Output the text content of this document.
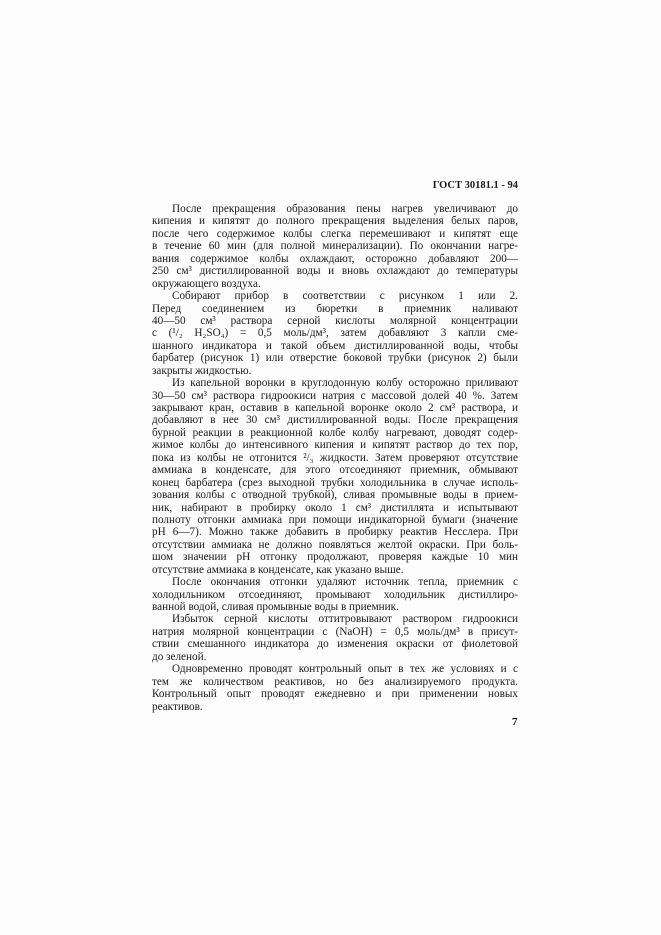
ГОСТ 30181.1 - 94
После прекращения образования пены нагрев увеличивают до
кипения и кипятят до полного прекращения выделения белых паров,
после чего содержимое колбы слегка перемешивают и кипятят еще
в течение 60 мин (для полной минерализации). По окончании нагре-
вания содержимое колбы охлаждают, осторожно добавляют 200—
250 см³ дистиллированной воды и вновь охлаждают до температуры
окружающего воздуха.
Собирают прибор в соответствии с рисунком 1 или 2.
Перед соединением из бюретки в приемник наливают
40—50 см³ раствора серной кислоты молярной концентрации
c (¹/₂ H₂SO₄) = 0,5 моль/дм³, затем добавляют 3 капли сме-
шанного индикатора и такой объем дистиллированной воды, чтобы
барбатер (рисунок 1) или отверстие боковой трубки (рисунок 2) были
закрыты жидкостью.
Из капельной воронки в круглодонную колбу осторожно приливают
30—50 см³ раствора гидроокиси натрия с массовой долей 40 %. Затем
закрывают кран, оставив в капельной воронке около 2 см³ раствора, и
добавляют в нее 30 см³ дистиллированной воды. После прекращения
бурной реакции в реакционной колбе колбу нагревают, доводят содер-
жимое колбы до интенсивного кипения и кипятят раствор до тех пор,
пока из колбы не отгонится ²/₃ жидкости. Затем проверяют отсутствие
аммиака в конденсате, для этого отсоединяют приемник, обмывают
конец барбатера (срез выходной трубки холодильника в случае исполь-
зования колбы с отводной трубкой), сливая промывные воды в прием-
ник, набирают в пробирку около 1 см³ дистиллята и испытывают
полноту отгонки аммиака при помощи индикаторной бумаги (значение
pH 6—7). Можно также добавить в пробирку реактив Несслера. При
отсутствии аммиака не должно появляться желтой окраски. При боль-
шом значении pH отгонку продолжают, проверяя каждые 10 мин
отсутствие аммиака в конденсате, как указано выше.
После окончания отгонки удаляют источник тепла, приемник с
холодильником отсоединяют, промывают холодильник дистиллиро-
ванной водой, сливая промывные воды в приемник.
Избыток серной кислоты оттитровывают раствором гидроокиси
натрия молярной концентрации c (NaOH) = 0,5 моль/дм³ в присут-
ствии смешанного индикатора до изменения окраски от фиолетовой
до зеленой.
Одновременно проводят контрольный опыт в тех же условиях и с
тем же количеством реактивов, но без анализируемого продукта.
Контрольный опыт проводят ежедневно и при применении новых
реактивов.
7
